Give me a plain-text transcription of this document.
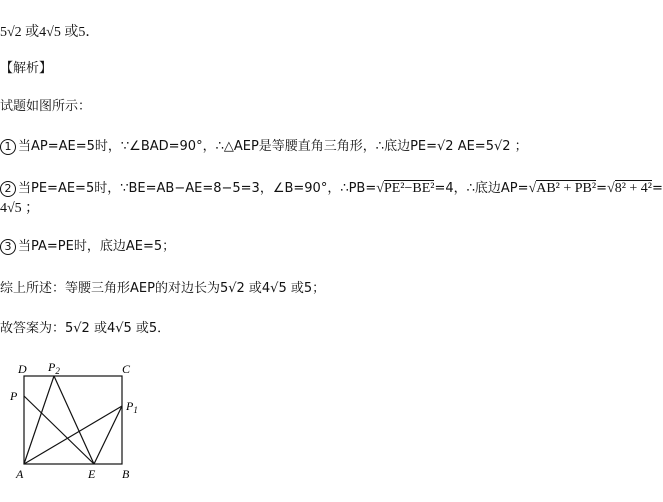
5√2 或4√5 或5．
【解析】
试题如图所示：
1 当AP=AE=5时，∵∠BAD=90°，∴△AEP是等腰直角三角形，∴底边PE=√2 AE=5√2 ；
2 当PE=AE=5时，∵BE=AB−AE=8−5=3，∠B=90°，∴PB=√PE²−BE²=4，∴底边AP=√AB² + PB²=√8² + 4²=
4√5 ；
3 当PA=PE时，底边AE=5；
综上所述：等腰三角形AEP的对边长为5√2 或4√5 或5；
故答案为：5√2 或4√5 或5．
D $P_2$	C
P
$P_1$
A	E B
